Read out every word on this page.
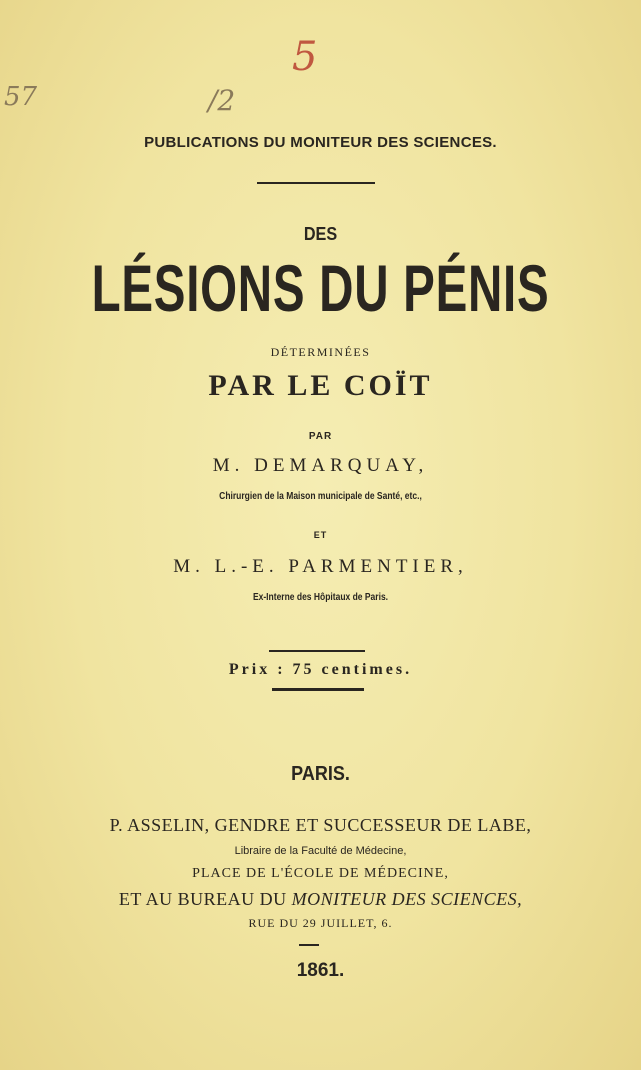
5
57	/2
PUBLICATIONS DU MONITEUR DES SCIENCES.
DES
LÉSIONS DU PÉNIS
DÉTERMINÉES
PAR LE COÏT
PAR
M. DEMARQUAY,
Chirurgien de la Maison municipale de Santé, etc.,
ET
M. L.-E. PARMENTIER,
Ex-Interne des Hôpitaux de Paris.
Prix : 75 centimes.
PARIS.
P. ASSELIN, GENDRE ET SUCCESSEUR DE LABE,
Libraire de la Faculté de Médecine,
PLACE DE L'ÉCOLE DE MÉDECINE,
ET AU BUREAU DU MONITEUR DES SCIENCES,
RUE DU 29 JUILLET, 6.
1861.
